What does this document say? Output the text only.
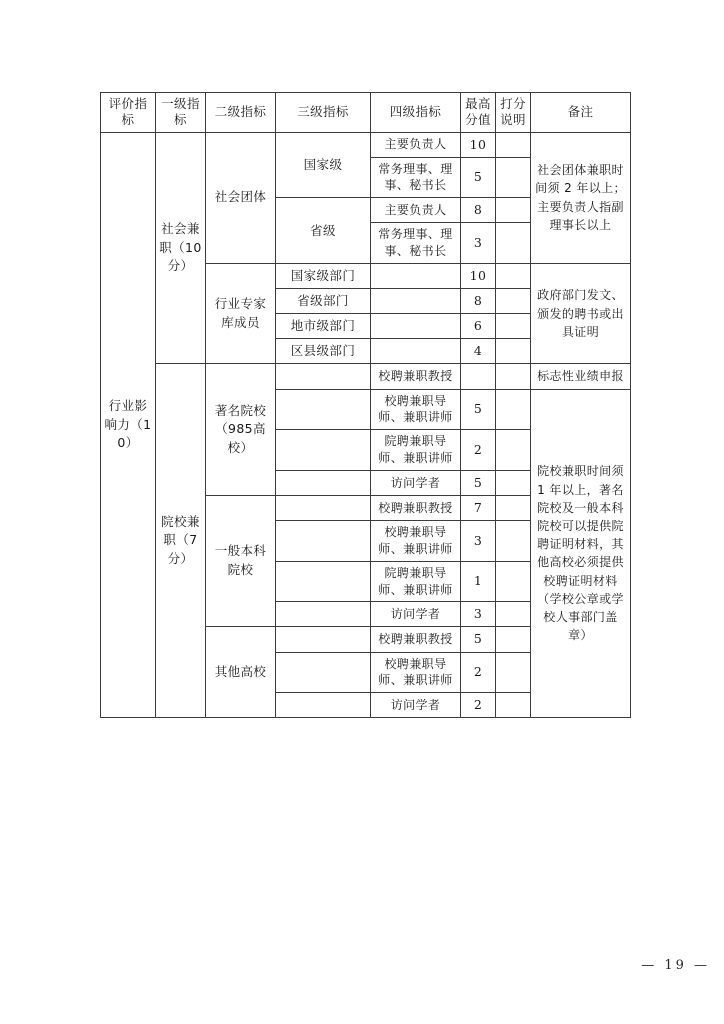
评价指标	一级指标	二级指标	三级指标	四级指标	最高分值	打分说明	备注
行业影响力（10）	社会兼职（10分）	社会团体	国家级	主要负责人	10		社会团体兼职时间须 2 年以上； 主要负责人指副理事长以上
				常务理事、理事、秘书长	5		
			省级	主要负责人	8		
				常务理事、理事、秘书长	3		
		行业专家库成员	国家级部门		10		政府部门发文、颁发的聘书或出具证明
			省级部门		8		
			地市级部门		6		
			区县级部门		4		
	院校兼职（7分）	著名院校（985高校）		校聘兼职教授			标志性业绩申报
				校聘兼职导师、兼职讲师	5		院校兼职时间须 1 年以上，著名院校及一般本科院校可以提供院聘证明材料，其他高校必须提供校聘证明材料（学校公章或学校人事部门盖章）
				院聘兼职导师、兼职讲师	2		
				访问学者	5		
		一般本科院校		校聘兼职教授	7		
				校聘兼职导师、兼职讲师	3		
				院聘兼职导师、兼职讲师	1		
				访问学者	3		
		其他高校		校聘兼职教授	5		
				校聘兼职导师、兼职讲师	2		
				访问学者	2		
— 19 —
